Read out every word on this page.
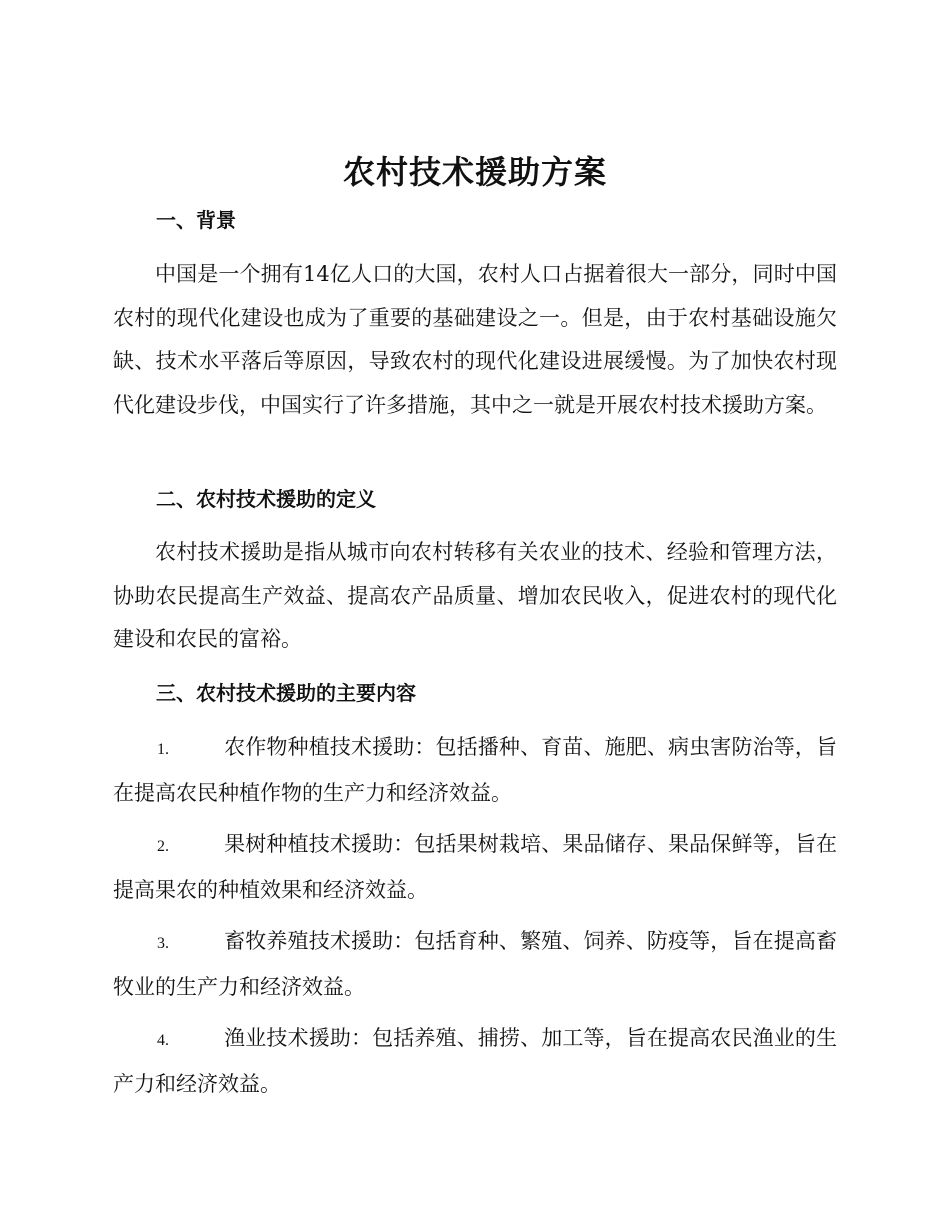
农村技术援助方案
一、背景

中国是一个拥有14亿人口的大国，农村人口占据着很大一部分，同时中国农村的现代化建设也成为了重要的基础建设之一。但是，由于农村基础设施欠缺、技术水平落后等原因，导致农村的现代化建设进展缓慢。为了加快农村现代化建设步伐，中国实行了许多措施，其中之一就是开展农村技术援助方案。

二、农村技术援助的定义

农村技术援助是指从城市向农村转移有关农业的技术、经验和管理方法，协助农民提高生产效益、提高农产品质量、增加农民收入，促进农村的现代化建设和农民的富裕。

三、农村技术援助的主要内容

1.	农作物种植技术援助：包括播种、育苗、施肥、病虫害防治等，旨在提高农民种植作物的生产力和经济效益。

2.	果树种植技术援助：包括果树栽培、果品储存、果品保鲜等，旨在提高果农的种植效果和经济效益。

3.	畜牧养殖技术援助：包括育种、繁殖、饲养、防疫等，旨在提高畜牧业的生产力和经济效益。

4.	渔业技术援助：包括养殖、捕捞、加工等，旨在提高农民渔业的生产力和经济效益。
